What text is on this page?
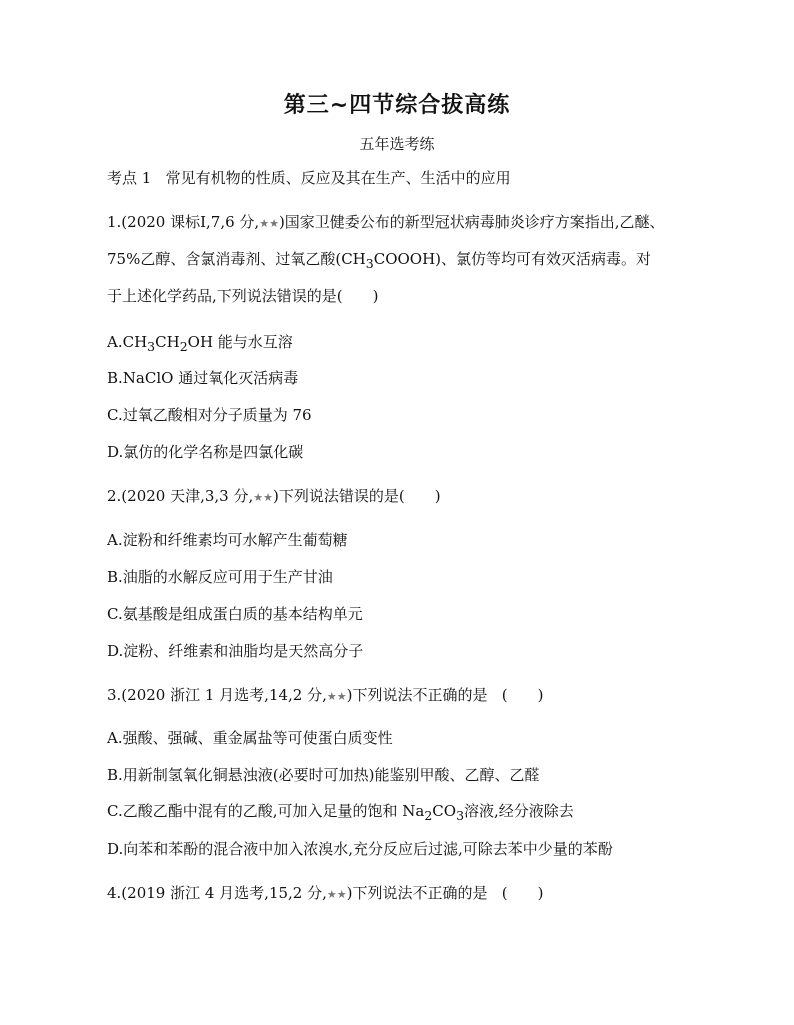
第三~四节综合拔高练
五年选考练
考点 1 常见有机物的性质、反应及其在生产、生活中的应用
1.(2020 课标Ⅰ,7,6 分,★★)国家卫健委公布的新型冠状病毒肺炎诊疗方案指出,乙醚、
75%乙醇、含氯消毒剂、过氧乙酸$(CH_3COOOH)$、氯仿等均可有效灭活病毒。对
于上述化学药品,下列说法错误的是( )
$A.CH_3CH_2OH$ 能与水互溶
B.NaClO 通过氧化灭活病毒
C.过氧乙酸相对分子质量为 76
D.氯仿的化学名称是四氯化碳
2.(2020 天津,3,3 分,★★)下列说法错误的是( )
A.淀粉和纤维素均可水解产生葡萄糖
B.油脂的水解反应可用于生产甘油
C.氨基酸是组成蛋白质的基本结构单元
D.淀粉、纤维素和油脂均是天然高分子
3.(2020 浙江 1 月选考,14,2 分,★★)下列说法不正确的是 ( )
A.强酸、强碱、重金属盐等可使蛋白质变性
B.用新制氢氧化铜悬浊液(必要时可加热)能鉴别甲酸、乙醇、乙醛
C.乙酸乙酯中混有的乙酸,可加入足量的饱和 $Na_2CO_3$溶液,经分液除去
D.向苯和苯酚的混合液中加入浓溴水,充分反应后过滤,可除去苯中少量的苯酚
4.(2019 浙江 4 月选考,15,2 分,★★)下列说法不正确的是 ( )
